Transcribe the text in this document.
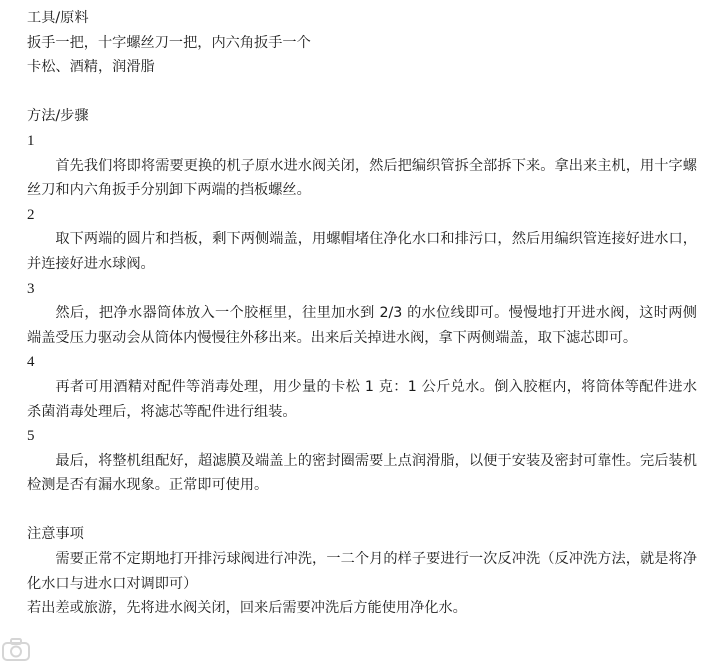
工具/原料
扳手一把，十字螺丝刀一把，内六角扳手一个
卡松、酒精，润滑脂
方法/步骤
1
首先我们将即将需要更换的机子原水进水阀关闭，然后把编织管拆全部拆下来。拿出来主机，用十字螺丝刀和内六角扳手分别卸下两端的挡板螺丝。
2
取下两端的圆片和挡板，剩下两侧端盖，用螺帽堵住净化水口和排污口，然后用编织管连接好进水口，并连接好进水球阀。
3
然后，把净水器筒体放入一个胶框里，往里加水到 2/3 的水位线即可。慢慢地打开进水阀，这时两侧端盖受压力驱动会从筒体内慢慢往外移出来。出来后关掉进水阀，拿下两侧端盖，取下滤芯即可。
4
再者可用酒精对配件等消毒处理，用少量的卡松 1 克：1 公斤兑水。倒入胶框内，将筒体等配件进水杀菌消毒处理后，将滤芯等配件进行组装。
5
最后，将整机组配好，超滤膜及端盖上的密封圈需要上点润滑脂，以便于安装及密封可靠性。完后装机检测是否有漏水现象。正常即可使用。
注意事项
需要正常不定期地打开排污球阀进行冲洗，一二个月的样子要进行一次反冲洗（反冲洗方法，就是将净化水口与进水口对调即可）
若出差或旅游，先将进水阀关闭，回来后需要冲洗后方能使用净化水。
